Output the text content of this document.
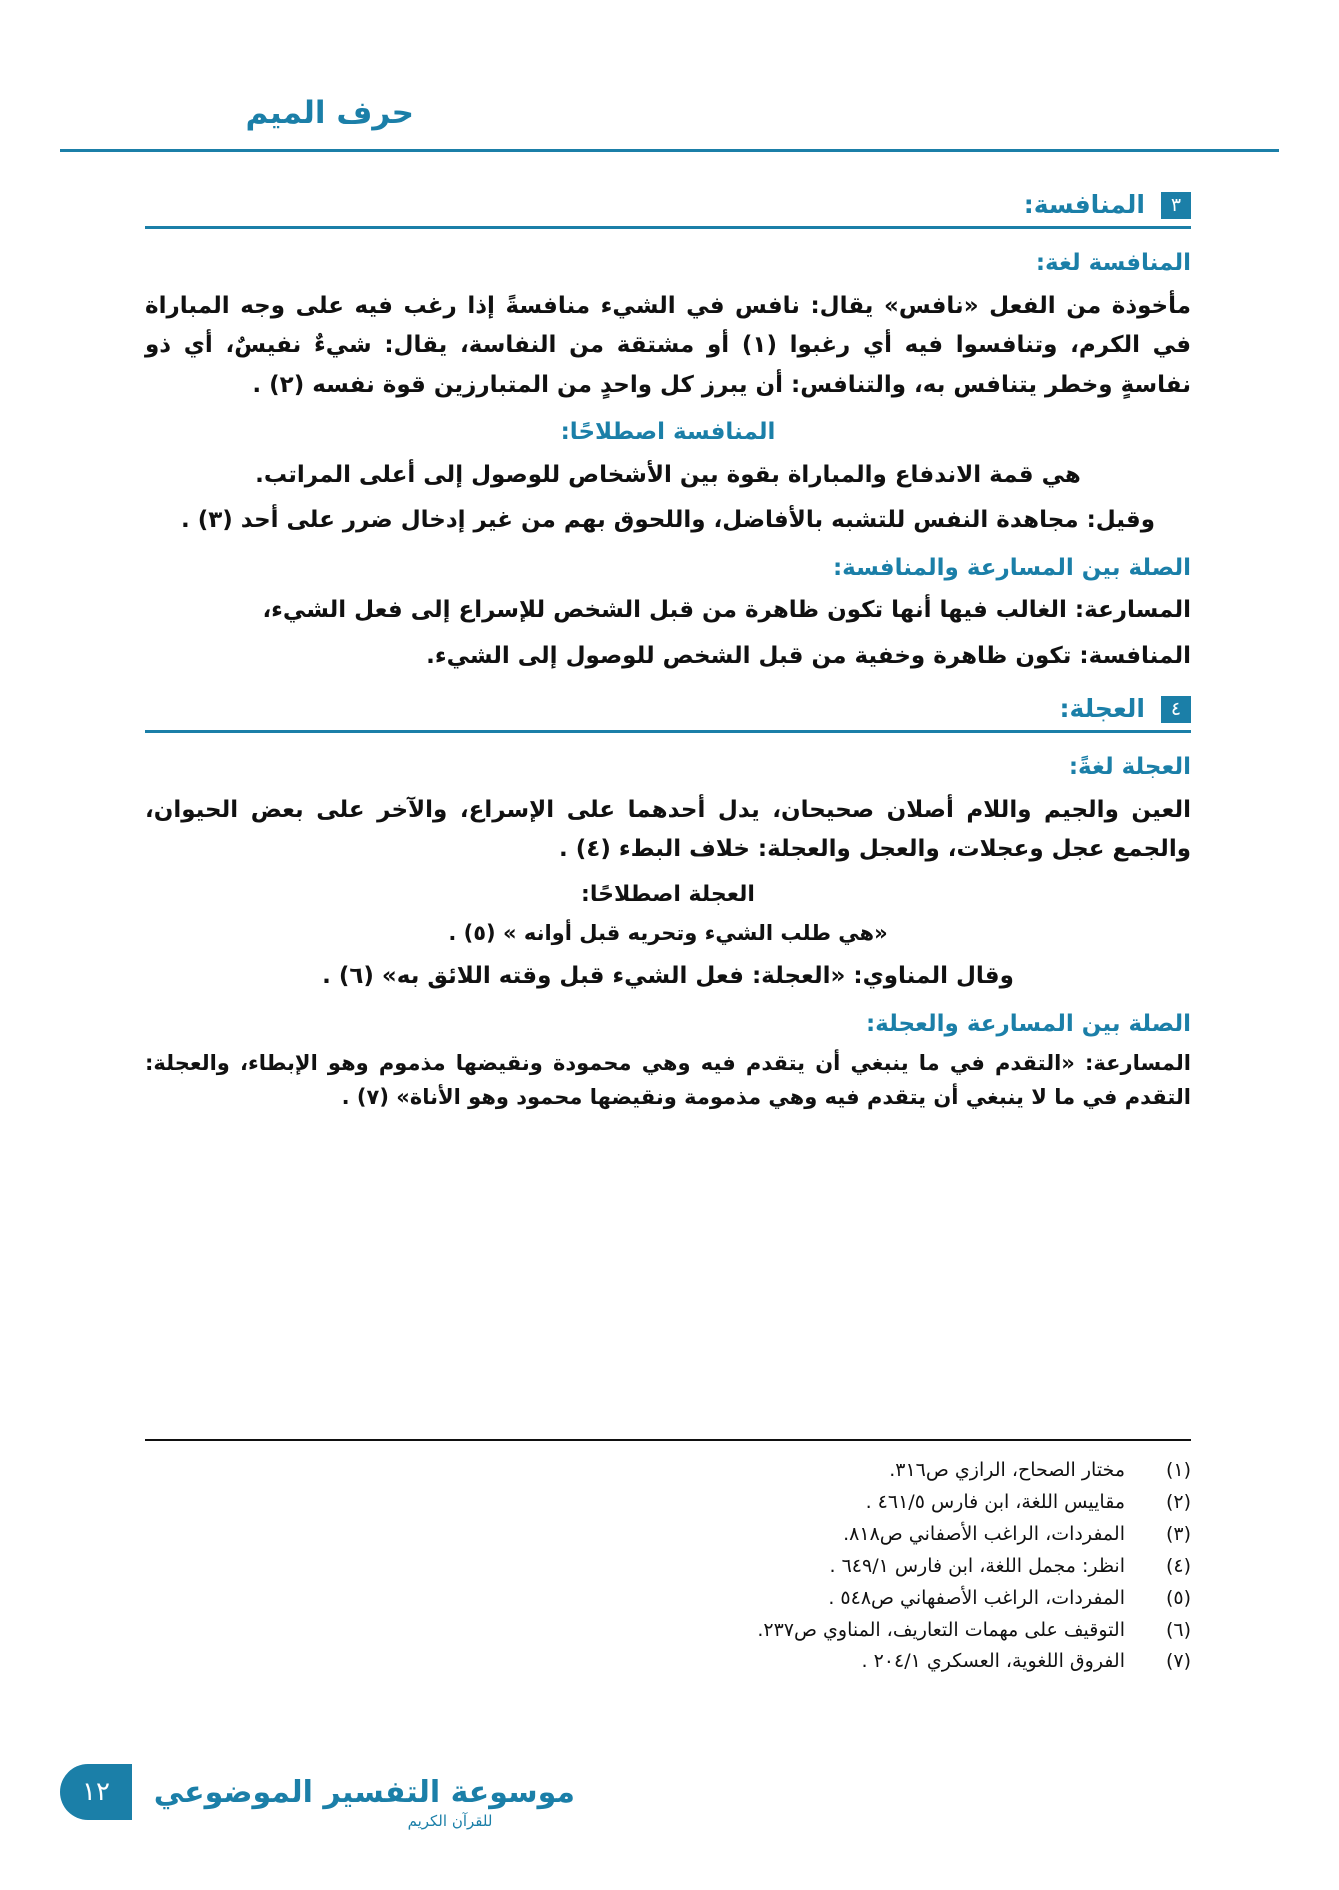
حرف الميم
٣
المنافسة:
المنافسة لغة:

مأخوذة من الفعل «نافس» يقال: نافس في الشيء منافسةً إذا رغب فيه على وجه المباراة في الكرم، وتنافسوا فيه أي رغبوا (١) أو مشتقة من النفاسة، يقال: شيءٌ نفيسٌ، أي ذو نفاسةٍ وخطر يتنافس به، والتنافس: أن يبرز كل واحدٍ من المتبارزين قوة نفسه (٢) .

المنافسة اصطلاحًا:

هي قمة الاندفاع والمباراة بقوة بين الأشخاص للوصول إلى أعلى المراتب.

وقيل: مجاهدة النفس للتشبه بالأفاضل، واللحوق بهم من غير إدخال ضرر على أحد (٣) .

الصلة بين المسارعة والمنافسة:

المسارعة: الغالب فيها أنها تكون ظاهرة من قبل الشخص للإسراع إلى فعل الشيء،

المنافسة: تكون ظاهرة وخفية من قبل الشخص للوصول إلى الشيء.

٤
العجلة:
العجلة لغةً:

العين والجيم واللام أصلان صحيحان، يدل أحدهما على الإسراع، والآخر على بعض الحيوان، والجمع عجل وعجلات، والعجل والعجلة: خلاف البطء (٤) .

العجلة اصطلاحًا:

«هي طلب الشيء وتحريه قبل أوانه » (٥) .

وقال المناوي: «العجلة: فعل الشيء قبل وقته اللائق به» (٦) .

الصلة بين المسارعة والعجلة:

المسارعة: «التقدم في ما ينبغي أن يتقدم فيه وهي محمودة ونقيضها مذموم وهو الإبطاء، والعجلة: التقدم في ما لا ينبغي أن يتقدم فيه وهي مذمومة ونقيضها محمود وهو الأناة» (٧) .

(١)
مختار الصحاح، الرازي ص٣١٦.
(٢)
مقاييس اللغة، ابن فارس ٤٦١/٥ .
(٣)
المفردات، الراغب الأصفاني ص٨١٨.
(٤)
انظر: مجمل اللغة، ابن فارس ٦٤٩/١ .
(٥)
المفردات، الراغب الأصفهاني ص٥٤٨ .
(٦)
التوقيف على مهمات التعاريف، المناوي ص٢٣٧.
(٧)
الفروق اللغوية، العسكري ٢٠٤/١ .
موسوعة التفسير الموضوعي
للقرآن الكريم
١٢
